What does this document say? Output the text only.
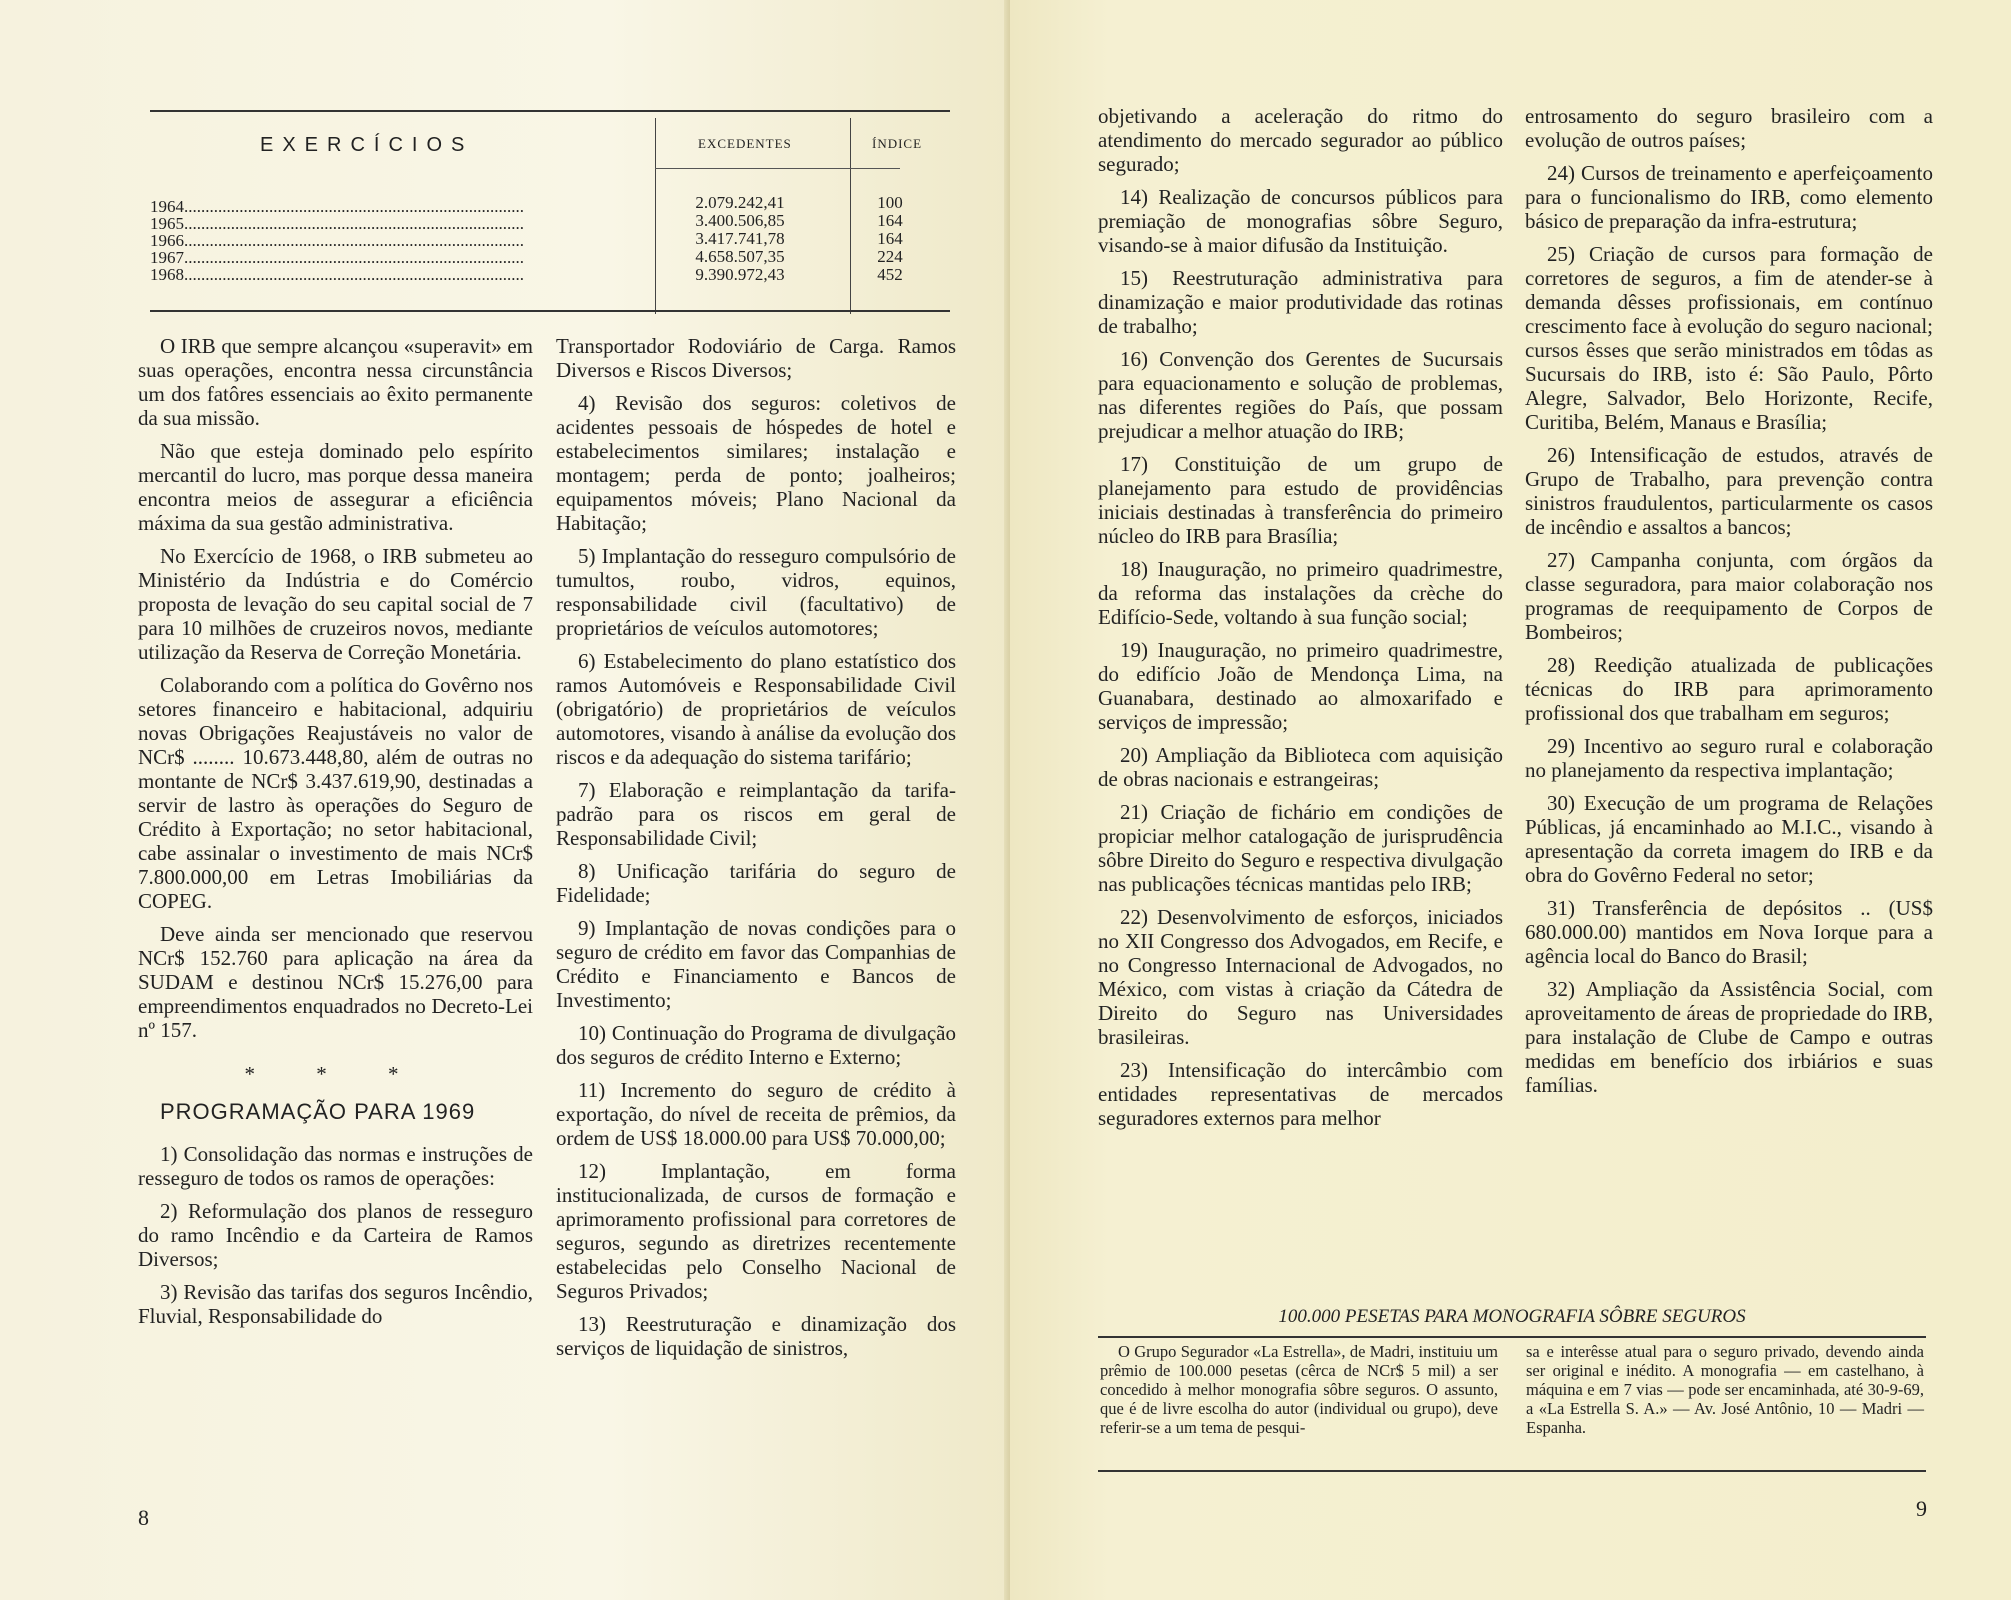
EXERCÍCIOS	EXCEDENTES	ÍNDICE
1964................................................................................
1965................................................................................
1966................................................................................
1967................................................................................
1968................................................................................
2.079.242,41
3.400.506,85
3.417.741,78
4.658.507,35
9.390.972,43
100
164
164
224
452

O IRB que sempre alcançou «superavit» em suas operações, encontra nessa circunstância um dos fatôres essenciais ao êxito permanente da sua missão.

Não que esteja dominado pelo espírito mercantil do lucro, mas porque dessa maneira encontra meios de assegurar a eficiência máxima da sua gestão administrativa.

No Exercício de 1968, o IRB submeteu ao Ministério da Indústria e do Comércio proposta de levação do seu capital social de 7 para 10 milhões de cruzeiros novos, mediante utilização da Reserva de Correção Monetária.

Colaborando com a política do Govêrno nos setores financeiro e habitacional, adquiriu novas Obrigações Reajustáveis no valor de NCr$ ........ 10.673.448,80, além de outras no montante de NCr$ 3.437.619,90, destinadas a servir de lastro às operações do Seguro de Crédito à Exportação; no setor habitacional, cabe assinalar o investimento de mais NCr$ 7.800.000,00 em Letras Imobiliárias da COPEG.

Deve ainda ser mencionado que reservou NCr$ 152.760 para aplicação na área da SUDAM e destinou NCr$ 15.276,00 para empreendimentos enquadrados no Decreto-Lei nº 157.

* * *

PROGRAMAÇÃO PARA 1969

1) Consolidação das normas e instruções de resseguro de todos os ramos de operações:

2) Reformulação dos planos de resseguro do ramo Incêndio e da Carteira de Ramos Diversos;

3) Revisão das tarifas dos seguros Incêndio, Fluvial, Responsabilidade do

Transportador Rodoviário de Carga. Ramos Diversos e Riscos Diversos;

4) Revisão dos seguros: coletivos de acidentes pessoais de hóspedes de hotel e estabelecimentos similares; instalação e montagem; perda de ponto; joalheiros; equipamentos móveis; Plano Nacional da Habitação;

5) Implantação do resseguro compulsório de tumultos, roubo, vidros, equinos, responsabilidade civil (facultativo) de proprietários de veículos automotores;

6) Estabelecimento do plano estatístico dos ramos Automóveis e Responsabilidade Civil (obrigatório) de proprietários de veículos automotores, visando à análise da evolução dos riscos e da adequação do sistema tarifário;

7) Elaboração e reimplantação da tarifa-padrão para os riscos em geral de Responsabilidade Civil;

8) Unificação tarifária do seguro de Fidelidade;

9) Implantação de novas condições para o seguro de crédito em favor das Companhias de Crédito e Financiamento e Bancos de Investimento;

10) Continuação do Programa de divulgação dos seguros de crédito Interno e Externo;

11) Incremento do seguro de crédito à exportação, do nível de receita de prêmios, da ordem de US$ 18.000.00 para US$ 70.000,00;

12) Implantação, em forma institucionalizada, de cursos de formação e aprimoramento profissional para corretores de seguros, segundo as diretrizes recentemente estabelecidas pelo Conselho Nacional de Seguros Privados;

13) Reestruturação e dinamização dos serviços de liquidação de sinistros,

8

objetivando a aceleração do ritmo do atendimento do mercado segurador ao público segurado;

14) Realização de concursos públicos para premiação de monografias sôbre Seguro, visando-se à maior difusão da Instituição.

15) Reestruturação administrativa para dinamização e maior produtividade das rotinas de trabalho;

16) Convenção dos Gerentes de Sucursais para equacionamento e solução de problemas, nas diferentes regiões do País, que possam prejudicar a melhor atuação do IRB;

17) Constituição de um grupo de planejamento para estudo de providências iniciais destinadas à transferência do primeiro núcleo do IRB para Brasília;

18) Inauguração, no primeiro quadrimestre, da reforma das instalações da crèche do Edifício-Sede, voltando à sua função social;

19) Inauguração, no primeiro quadrimestre, do edifício João de Mendonça Lima, na Guanabara, destinado ao almoxarifado e serviços de impressão;

20) Ampliação da Biblioteca com aquisição de obras nacionais e estrangeiras;

21) Criação de fichário em condições de propiciar melhor catalogação de jurisprudência sôbre Direito do Seguro e respectiva divulgação nas publicações técnicas mantidas pelo IRB;

22) Desenvolvimento de esforços, iniciados no XII Congresso dos Advogados, em Recife, e no Congresso Internacional de Advogados, no México, com vistas à criação da Cátedra de Direito do Seguro nas Universidades brasileiras.

23) Intensificação do intercâmbio com entidades representativas de mercados seguradores externos para melhor

entrosamento do seguro brasileiro com a evolução de outros países;

24) Cursos de treinamento e aperfeiçoamento para o funcionalismo do IRB, como elemento básico de preparação da infra-estrutura;

25) Criação de cursos para formação de corretores de seguros, a fim de atender-se à demanda dêsses profissionais, em contínuo crescimento face à evolução do seguro nacional; cursos êsses que serão ministrados em tôdas as Sucursais do IRB, isto é: São Paulo, Pôrto Alegre, Salvador, Belo Horizonte, Recife, Curitiba, Belém, Manaus e Brasília;

26) Intensificação de estudos, através de Grupo de Trabalho, para prevenção contra sinistros fraudulentos, particularmente os casos de incêndio e assaltos a bancos;

27) Campanha conjunta, com órgãos da classe seguradora, para maior colaboração nos programas de reequipamento de Corpos de Bombeiros;

28) Reedição atualizada de publicações técnicas do IRB para aprimoramento profissional dos que trabalham em seguros;

29) Incentivo ao seguro rural e colaboração no planejamento da respectiva implantação;

30) Execução de um programa de Relações Públicas, já encaminhado ao M.I.C., visando à apresentação da correta imagem do IRB e da obra do Govêrno Federal no setor;

31) Transferência de depósitos .. (US$ 680.000.00) mantidos em Nova Iorque para a agência local do Banco do Brasil;

32) Ampliação da Assistência Social, com aproveitamento de áreas de propriedade do IRB, para instalação de Clube de Campo e outras medidas em benefício dos irbiários e suas famílias.

9
100.000 PESETAS PARA MONOGRAFIA SÔBRE SEGUROS

O Grupo Segurador «La Estrella», de Madri, instituiu um prêmio de 100.000 pesetas (cêrca de NCr$ 5 mil) a ser concedido à melhor monografia sôbre seguros. O assunto, que é de livre escolha do autor (individual ou grupo), deve referir-se a um tema de pesqui-

sa e interêsse atual para o seguro privado, devendo ainda ser original e inédito. A monografia — em castelhano, à máquina e em 7 vias — pode ser encaminhada, até 30-9-69, a «La Estrella S. A.» — Av. José Antônio, 10 — Madri — Espanha.
